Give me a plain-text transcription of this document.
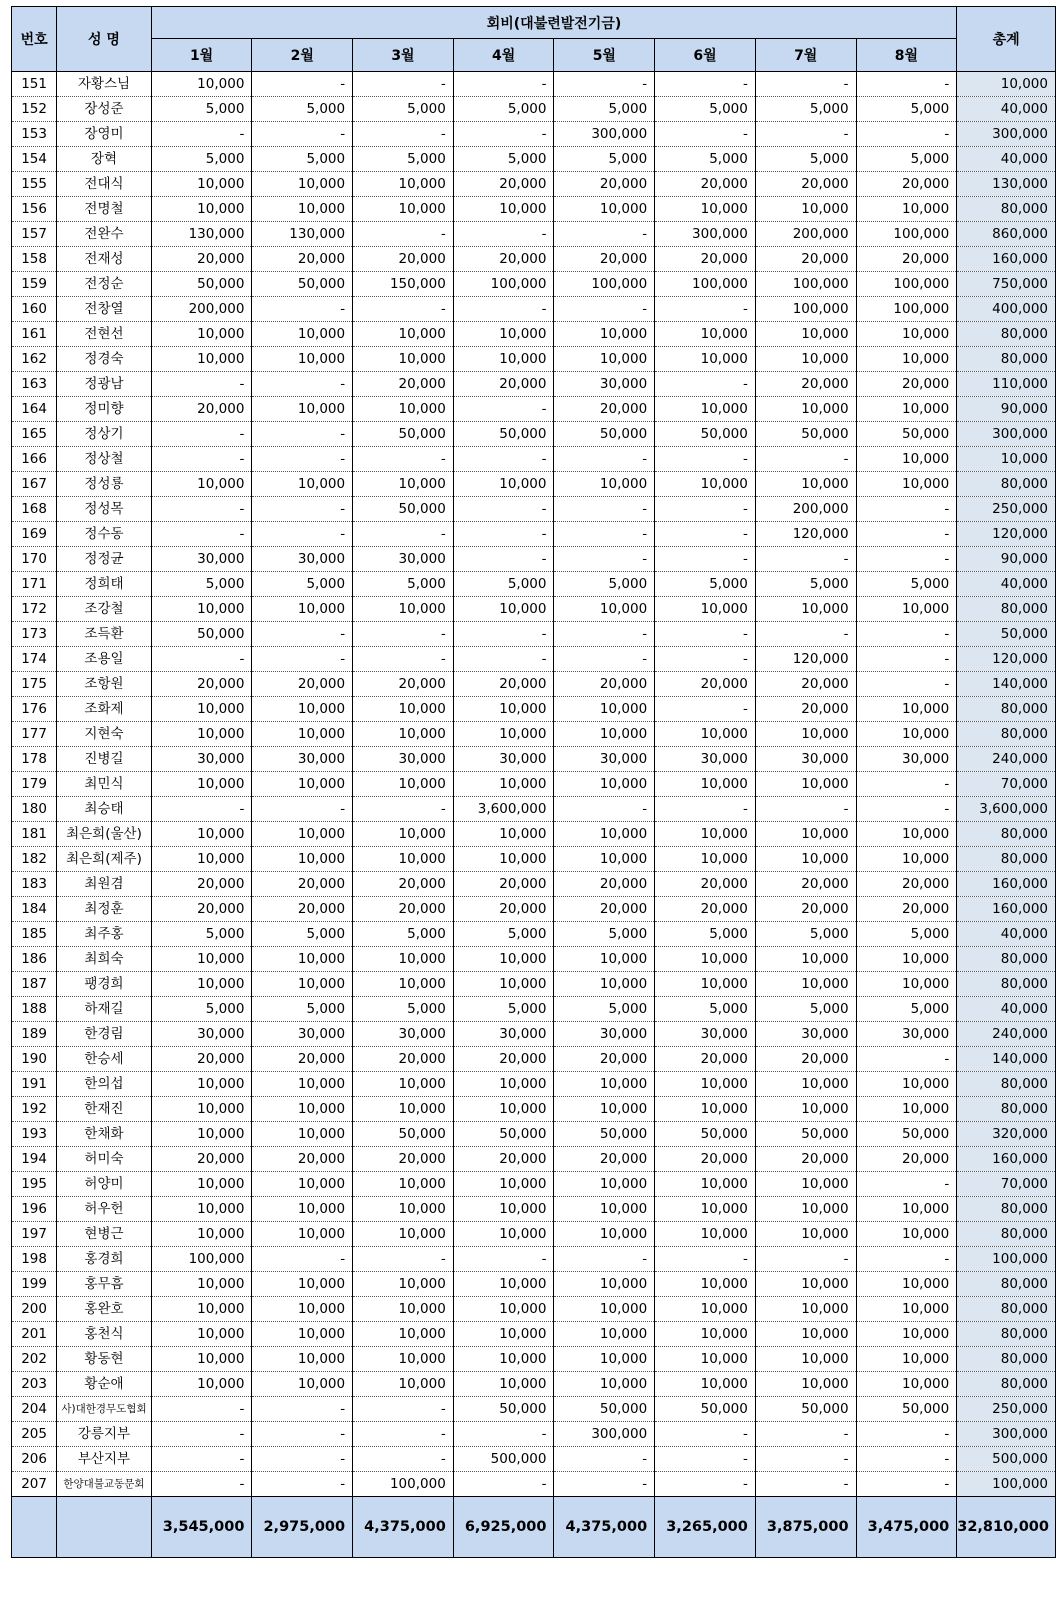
번호	성 명	회비(대불련발전기금)								총계
		1월	2월	3월	4월	5월	6월	7월	8월	
151	자황스님	10,000	-	-	-	-	-	-	-	10,000
152	장성준	5,000	5,000	5,000	5,000	5,000	5,000	5,000	5,000	40,000
153	장영미	-	-	-	-	300,000	-	-	-	300,000
154	장혁	5,000	5,000	5,000	5,000	5,000	5,000	5,000	5,000	40,000
155	전대식	10,000	10,000	10,000	20,000	20,000	20,000	20,000	20,000	130,000
156	전명철	10,000	10,000	10,000	10,000	10,000	10,000	10,000	10,000	80,000
157	전완수	130,000	130,000	-	-	-	300,000	200,000	100,000	860,000
158	전재성	20,000	20,000	20,000	20,000	20,000	20,000	20,000	20,000	160,000
159	전정순	50,000	50,000	150,000	100,000	100,000	100,000	100,000	100,000	750,000
160	전창열	200,000	-	-	-	-	-	100,000	100,000	400,000
161	전현선	10,000	10,000	10,000	10,000	10,000	10,000	10,000	10,000	80,000
162	정경숙	10,000	10,000	10,000	10,000	10,000	10,000	10,000	10,000	80,000
163	정광남	-	-	20,000	20,000	30,000	-	20,000	20,000	110,000
164	정미향	20,000	10,000	10,000	-	20,000	10,000	10,000	10,000	90,000
165	정상기	-	-	50,000	50,000	50,000	50,000	50,000	50,000	300,000
166	정상철	-	-	-	-	-	-	-	10,000	10,000
167	정성룡	10,000	10,000	10,000	10,000	10,000	10,000	10,000	10,000	80,000
168	정성목	-	-	50,000	-	-	-	200,000	-	250,000
169	정수동	-	-	-	-	-	-	120,000	-	120,000
170	정정균	30,000	30,000	30,000	-	-	-	-	-	90,000
171	정희태	5,000	5,000	5,000	5,000	5,000	5,000	5,000	5,000	40,000
172	조강철	10,000	10,000	10,000	10,000	10,000	10,000	10,000	10,000	80,000
173	조득환	50,000	-	-	-	-	-	-	-	50,000
174	조용일	-	-	-	-	-	-	120,000	-	120,000
175	조항원	20,000	20,000	20,000	20,000	20,000	20,000	20,000	-	140,000
176	조화제	10,000	10,000	10,000	10,000	10,000	-	20,000	10,000	80,000
177	지현숙	10,000	10,000	10,000	10,000	10,000	10,000	10,000	10,000	80,000
178	진병길	30,000	30,000	30,000	30,000	30,000	30,000	30,000	30,000	240,000
179	최민식	10,000	10,000	10,000	10,000	10,000	10,000	10,000	-	70,000
180	최승태	-	-	-	3,600,000	-	-	-	-	3,600,000
181	최은희(울산)	10,000	10,000	10,000	10,000	10,000	10,000	10,000	10,000	80,000
182	최은희(제주)	10,000	10,000	10,000	10,000	10,000	10,000	10,000	10,000	80,000
183	최원겸	20,000	20,000	20,000	20,000	20,000	20,000	20,000	20,000	160,000
184	최정훈	20,000	20,000	20,000	20,000	20,000	20,000	20,000	20,000	160,000
185	최주홍	5,000	5,000	5,000	5,000	5,000	5,000	5,000	5,000	40,000
186	최희숙	10,000	10,000	10,000	10,000	10,000	10,000	10,000	10,000	80,000
187	팽경희	10,000	10,000	10,000	10,000	10,000	10,000	10,000	10,000	80,000
188	하재길	5,000	5,000	5,000	5,000	5,000	5,000	5,000	5,000	40,000
189	한경림	30,000	30,000	30,000	30,000	30,000	30,000	30,000	30,000	240,000
190	한승세	20,000	20,000	20,000	20,000	20,000	20,000	20,000	-	140,000
191	한의섭	10,000	10,000	10,000	10,000	10,000	10,000	10,000	10,000	80,000
192	한재진	10,000	10,000	10,000	10,000	10,000	10,000	10,000	10,000	80,000
193	한채화	10,000	10,000	50,000	50,000	50,000	50,000	50,000	50,000	320,000
194	허미숙	20,000	20,000	20,000	20,000	20,000	20,000	20,000	20,000	160,000
195	허양미	10,000	10,000	10,000	10,000	10,000	10,000	10,000	-	70,000
196	허우헌	10,000	10,000	10,000	10,000	10,000	10,000	10,000	10,000	80,000
197	현병근	10,000	10,000	10,000	10,000	10,000	10,000	10,000	10,000	80,000
198	홍경희	100,000	-	-	-	-	-	-	-	100,000
199	홍무흠	10,000	10,000	10,000	10,000	10,000	10,000	10,000	10,000	80,000
200	홍완호	10,000	10,000	10,000	10,000	10,000	10,000	10,000	10,000	80,000
201	홍천식	10,000	10,000	10,000	10,000	10,000	10,000	10,000	10,000	80,000
202	황동현	10,000	10,000	10,000	10,000	10,000	10,000	10,000	10,000	80,000
203	황순애	10,000	10,000	10,000	10,000	10,000	10,000	10,000	10,000	80,000
204	사)대한경무도협회	-	-	-	50,000	50,000	50,000	50,000	50,000	250,000
205	강릉지부	-	-	-	-	300,000	-	-	-	300,000
206	부산지부	-	-	-	500,000	-	-	-	-	500,000
207	한양대불교동문회	-	-	100,000	-	-	-	-	-	100,000
		3,545,000	2,975,000	4,375,000	6,925,000	4,375,000	3,265,000	3,875,000	3,475,000	32,810,000
